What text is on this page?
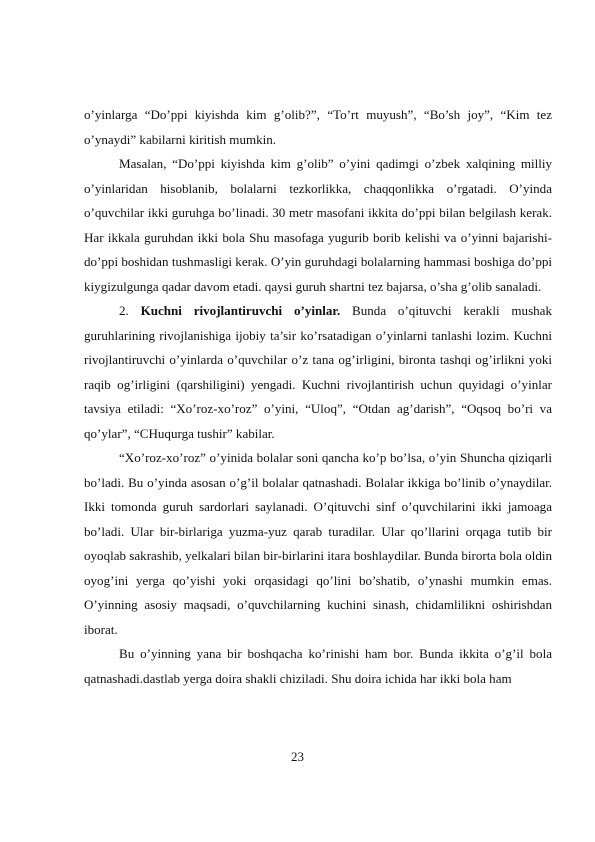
o’yinlarga “Do’ppi kiyishda kim g’olib?”, “To’rt muyush”, “Bo’sh joy”, “Kim tez o’ynaydi” kabilarni kiritish mumkin.

Masalan, “Do’ppi kiyishda kim g’olib” o’yini qadimgi o’zbek xalqining milliy o’yinlaridan hisoblanib, bolalarni tezkorlikka, chaqqonlikka o’rgatadi. O’yinda o’quvchilar ikki guruhga bo’linadi. 30 metr masofani ikkita do’ppi bilan belgilash kerak. Har ikkala guruhdan ikki bola Shu masofaga yugurib borib kelishi va o’yinni bajarishi-do’ppi boshidan tushmasligi kerak. O’yin guruhdagi bolalarning hammasi boshiga do’ppi kiygizulgunga qadar davom etadi. qaysi guruh shartni tez bajarsa, o’sha g’olib sanaladi.

2. Kuchni rivojlantiruvchi o’yinlar. Bunda o’qituvchi kerakli mushak guruhlarining rivojlanishiga ijobiy ta’sir ko’rsatadigan o’yinlarni tanlashi lozim. Kuchni rivojlantiruvchi o’yinlarda o’quvchilar o’z tana og’irligini, bironta tashqi og’irlikni yoki raqib og’irligini (qarshiligini) yengadi. Kuchni rivojlantirish uchun quyidagi o’yinlar tavsiya etiladi: “Xo’roz-xo’roz” o’yini, “Uloq”, “Otdan ag’darish”, “Oqsoq bo’ri va qo’ylar”, “CHuqurga tushir” kabilar.

“Xo’roz-xo’roz” o’yinida bolalar soni qancha ko’p bo’lsa, o’yin Shuncha qiziqarli bo’ladi. Bu o’yinda asosan o’g’il bolalar qatnashadi. Bolalar ikkiga bo’linib o’ynaydilar. Ikki tomonda guruh sardorlari saylanadi. O’qituvchi sinf o’quvchilarini ikki jamoaga bo’ladi. Ular bir-birlariga yuzma-yuz qarab turadilar. Ular qo’llarini orqaga tutib bir oyoqlab sakrashib, yelkalari bilan bir-birlarini itara boshlaydilar. Bunda birorta bola oldin oyog’ini yerga qo’yishi yoki orqasidagi qo’lini bo’shatib, o’ynashi mumkin emas. O’yinning asosiy maqsadi, o’quvchilarning kuchini sinash, chidamlilikni oshirishdan iborat.

Bu o’yinning yana bir boshqacha ko’rinishi ham bor. Bunda ikkita o’g’il bola qatnashadi.dastlab yerga doira shakli chiziladi. Shu doira ichida har ikki bola ham

23
